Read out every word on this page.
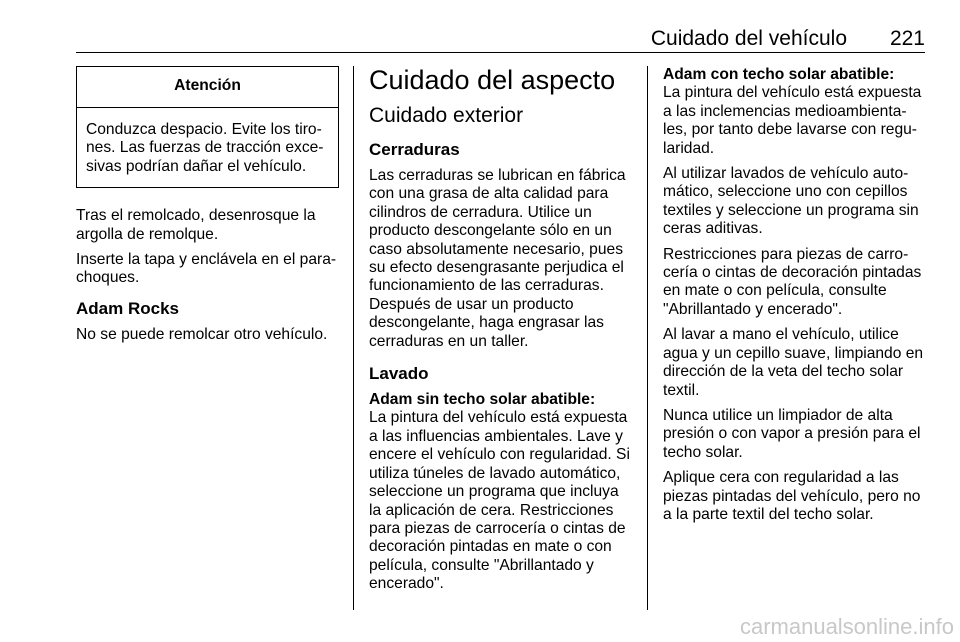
Cuidado del vehículo 221
Atención
Conduzca despacio. Evite los tiro-
nes. Las fuerzas de tracción exce-
sivas podrían dañar el vehículo.

Tras el remolcado, desenrosque la
argolla de remolque.

Inserte la tapa y enclávela en el para-
choques.

Adam Rocks

No se puede remolcar otro vehículo.

Cuidado del aspecto
Cuidado exterior
Cerraduras

Las cerraduras se lubrican en fábrica
con una grasa de alta calidad para
cilindros de cerradura. Utilice un
producto descongelante sólo en un
caso absolutamente necesario, pues
su efecto desengrasante perjudica el
funcionamiento de las cerraduras.
Después de usar un producto
descongelante, haga engrasar las
cerraduras en un taller.

Lavado
Adam sin techo solar abatible:

La pintura del vehículo está expuesta
a las influencias ambientales. Lave y
encere el vehículo con regularidad. Si
utiliza túneles de lavado automático,
seleccione un programa que incluya
la aplicación de cera. Restricciones
para piezas de carrocería o cintas de
decoración pintadas en mate o con
película, consulte "Abrillantado y
encerado".

Adam con techo solar abatible:

La pintura del vehículo está expuesta
a las inclemencias medioambienta-
les, por tanto debe lavarse con regu-
laridad.

Al utilizar lavados de vehículo auto-
mático, seleccione uno con cepillos
textiles y seleccione un programa sin
ceras aditivas.

Restricciones para piezas de carro-
cería o cintas de decoración pintadas
en mate o con película, consulte
"Abrillantado y encerado".

Al lavar a mano el vehículo, utilice
agua y un cepillo suave, limpiando en
dirección de la veta del techo solar
textil.

Nunca utilice un limpiador de alta
presión o con vapor a presión para el
techo solar.

Aplique cera con regularidad a las
piezas pintadas del vehículo, pero no
a la parte textil del techo solar.

carmanualsonline.info
